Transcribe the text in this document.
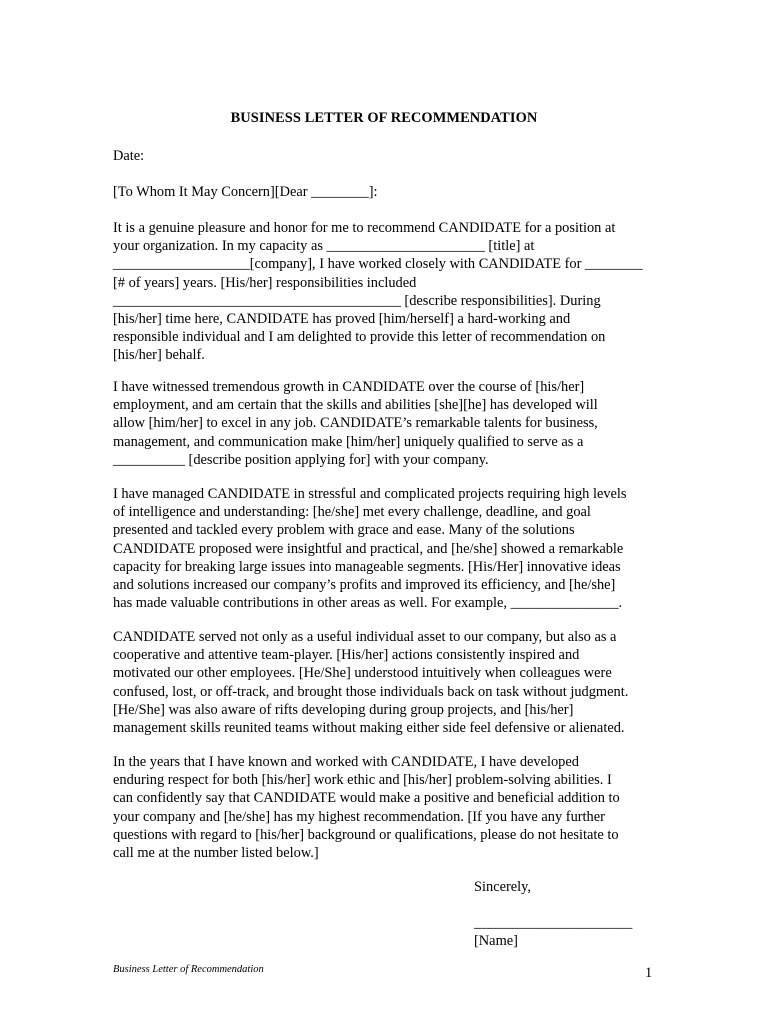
BUSINESS LETTER OF RECOMMENDATION
Date:
[To Whom It May Concern][Dear ________]:
It is a genuine pleasure and honor for me to recommend CANDIDATE for a position at
your organization. In my capacity as ______________________ [title] at
___________________[company], I have worked closely with CANDIDATE for ________
[# of years] years. [His/her] responsibilities included
________________________________________ [describe responsibilities]. During
[his/her] time here, CANDIDATE has proved [him/herself] a hard-working and
responsible individual and I am delighted to provide this letter of recommendation on
[his/her] behalf.
I have witnessed tremendous growth in CANDIDATE over the course of [his/her]
employment, and am certain that the skills and abilities [she][he] has developed will
allow [him/her] to excel in any job. CANDIDATE’s remarkable talents for business,
management, and communication make [him/her] uniquely qualified to serve as a
__________ [describe position applying for] with your company.
I have managed CANDIDATE in stressful and complicated projects requiring high levels
of intelligence and understanding: [he/she] met every challenge, deadline, and goal
presented and tackled every problem with grace and ease. Many of the solutions
CANDIDATE proposed were insightful and practical, and [he/she] showed a remarkable
capacity for breaking large issues into manageable segments. [His/Her] innovative ideas
and solutions increased our company’s profits and improved its efficiency, and [he/she]
has made valuable contributions in other areas as well. For example, _______________.
CANDIDATE served not only as a useful individual asset to our company, but also as a
cooperative and attentive team-player. [His/her] actions consistently inspired and
motivated our other employees. [He/She] understood intuitively when colleagues were
confused, lost, or off-track, and brought those individuals back on task without judgment.
[He/She] was also aware of rifts developing during group projects, and [his/her]
management skills reunited teams without making either side feel defensive or alienated.
In the years that I have known and worked with CANDIDATE, I have developed
enduring respect for both [his/her] work ethic and [his/her] problem-solving abilities. I
can confidently say that CANDIDATE would make a positive and beneficial addition to
your company and [he/she] has my highest recommendation. [If you have any further
questions with regard to [his/her] background or qualifications, please do not hesitate to
call me at the number listed below.]
Sincerely,
______________________
[Name]
Business Letter of Recommendation	1
